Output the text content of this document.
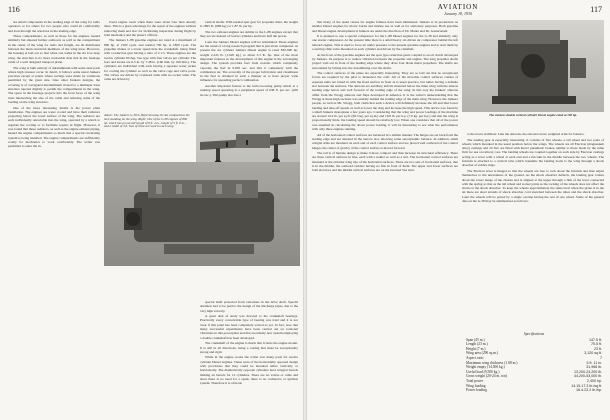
116

are small components in the leading edge of the wing for radio operators or for others for two people who could sit comfortably and look through the windows in the leading edge.

These compartments, as well as those for the engines, heated similarly but situated further outboard, as well as the compartment in the center of the wing for radio and freight, are all distributed between the main structural members of the wing truss. However, the housing is laid out so that when one walks in the six foot deep wing, the structure is no more noticeable than that in the fuselage cabin of a well designed transport plane.

The wing is built entirely of duraluminum with some steel parts where high stresses occur. In detail, it follows some usual Junkers practices except at points where savings were made by variations permitted by the great size. Like other Junkers designs, the covering is of corrugated duraluminum riveted to a multispar truss structure tapered slightly to permit the compartments in the wing. The space in the fuselage projects into the front faces of the wing truss intersecting the size of the cabin and reducing some of the loading on the wing structure.

One of the more interesting details is the power plant installation. The engines are water cooled and have their radiators projecting below the lower surface of the wing. The radiators are each individually retractable into the wing, operated by a winch to regulate the cooling or to facilitate repairs in flight. However, it was found that these radiators, as well as the engine exhaust piping, heated the engine compartments so much that a special circulating system is being installed. The engine compartments are sufficiently roomy for mechanics to work comfortably. The writer was permitted to enter the in-

board engine room when there were about four men already there. This is a great advantage for the repair of the engines without removing them and also for facilitating inspection during flight by both mechanics and the plane's officers.

The Junkers L-88 gasoline engines are rated at a maximum of 800 hp. at 1500 r.p.m. and normal 700 hp. at 1800 r.p.m. The propeller makes at a lower speed than the crankshaft, being fitted with a reduction gear having a ratio of 1:1.5. These engines are the twelve cylinder 60 deg. Vee type with four valves per cylinder. The bore and stroke are 6.3 in. by 7.48 in. (160 mm. by 190 mm.). The cylinders are individual with each having a separate water jacket for cooling the cylinder as well as the valve cage and valve ports. The valves are driven by overhead cams with no rocker arms. The cams are driven by

vertical shafts. With normal spur gear for propeller drive, the weight is 1895 lb. (680 kg.) or 1.87 lb. per hp.

The two exhaust engines are similar to the L-88 engines except that they are six instead of twelve cylinders and have half the power.

Later the Junkers Diesel engines will be substituted. These engines are the result of a long research program that is just about completed. At present the six cylinder Junkers Diesel engine is rated 830-900 hp. weight 2,245 lb. (1,020 kg.) or about 3.3 lb. hp. One of the most important features in the development of this engine is the scavenging design. The system provides fuel from nozzles which completely vaporize the fuel in 0.005 sec. and mix it completely with the combustion air. The economy of the proper lubrication and cleanliness in the fuel is obtained in such a manner as to have proper wide influence for spreading perfect combustion.

Another important feature is the turbo-boosting pump which at a running speed operating at a peripheral speed of 638 ft. per sec. (200 m./sec.). This pump also has a

Above: The Junkers G-38 in flight showing its size compared to the men standing on the wing. Right: One of the G-38 engines of 800 hp. which has an overall length of 8 ft. 4 in., height of 5 ft. 6 in., and a width of 3 ft. Two of these are used in each wing

special shaft protected from variations in the drive shaft. Special attention had to be paid to the design of the discharge pipes, due to the very high velocity.

A great deal of study was devoted to the crankshaft bearings. Practically every conceivable type of bearing was tried and it is not clear if this point has been completely solved as yet. In fact, now that many successful experiments have been carried out on torsional vibrations in this powerplant and that an entirely new system employing a double crankshaft has been developed.

The crankshaft of the engine is much that it turns the engine mount. It is still in all directions, being a casting that must be exceptionally strong and rigid.

While in the engine works the writer saw many parts for twelve cylinder Diesel engines. These were of the horizontally opposed design with provisions that they could be mounted either vertically or horizontally. The diametrically opposite cylinders have integral barrels making an barrels for 12 cylinders. There are no valves or cams and since there is no need for a spark, there is no carburetor or ignition system. Therefore it is obvious

AVIATION
January 18, 1930	117

that many of the usual causes for engine failures have been eliminated. Junkers is in production on smaller Diesel engines for motor trucks and marine use as well as for stationary purposes. Both gasoline and Diesel engine development at Junkers are under the direction of Dr. Mader and Dr. Gastersstadt.

It is planned to use a special compressor for the L-88 Diesel engines for the G-38 and similarly only one starter compressor. At the present time there is a small heavy oil-driven air compressor behind the left inboard engine. This is used to force air under pressure to the present gasoline engines and to start them by a starting slide valve mounted on each cylinder and driven by the camshaft.

At the front of the gasoline engines are the spur type reduction gears coupled to an oil clutch developed by Junkers. Its purpose is to reduce vibration between the propeller and engine. The long propeller shafts project well out in front of the leading edge where they drive four blade metal propellers. The shafts are surrounded by fairing into the streamlining over the shafts.

The control surfaces of the plane are especially interesting. They are so laid out that no exceptional forces are required by the pilot to maneuver the craft. All of the movable control surfaces consist of separate units not faired in with the fixed surface in front as is usual practice, but rather having a definite slot between the surfaces. The ailerons are auxiliary airfoils mounted below the main wing with the aileron leading edge below and well forward of the trailing edge of the wing. In this way the Junkers' ailerons differ from the Wragg ailerons and flaps developed in America. It is the writer's understanding that the Wragg at these high sections was entirely behind the trailing edge of the main wing. However, the Junkers people, as well as Mr. Wragg, both claim that such a device will definitely increase the lift and thus lower landing and take-off speeds as well as lower the drag and increase the high speed. This device was found in a small Junkers monoplane a few years ago. Considering that the wing and power loadings of the machine are around 14.2 lb. per sq.ft. (69.3 kg. per sq.m.) and 16.8 lb. per h.p. (7.6 kg. per h.p.) and that the wing is proportionally thick, the landing speed should be relatively low. When one considers that all of the power was assumed in calculating the above power loading, it will be interesting to see what the performance with only three engines running.

All of the horizontal control surfaces are balanced in a similar manner. The hinges are set back from the leading edge and are situated in the narrow slot, allowing some aerodynamic balance. In addition, small winglet arms are mounted on each end of each control surface and are placed well outboard of the control hinges, the center of gravity of the control surface is moved forward.

The tail is of biplane design to make it more compact and thus increase its structural efficiency. There are three vertical surfaces in line, each with a rudder as well as a slot. The horizontal control surfaces are mounted at the extreme wing tips of the horizontal surfaces. There are two sets of horizontal surfaces, that is in the middle, the outboard rudders having no fins in front of them. The upper and lower surfaces are both elevators and the middle vertical surfaces are on the inverted Vee strut.

The Junkers double vertical cylinder Diesel engine rated at 190 hp.

to the lower stabilizer. Like the ailerons, the elevators have weighted arms for balance.

The landing gear is especially interesting. It consists of five wheels, a tail wheel and two pairs of wheels which mounted in the usual position below the wings. The wheels are all Electron (magnesium alloy) castings and all five are fitted with Knorr pneumatic brakes, similar to those made by the same firm for use on railway cars. The landing wheels are coupled together on each side by Electron castings acting as a lever with a wheel at each end and a fulcrum in the middle between the two wheels. The fulcrum is attached to a vertical tube which transmits the landing loads to the wing through a shock absorber of rubber rings.

The Electron lever is hinged so that the wheels are free to rock about the fulcrum and thus adjust themselves to the unevenness of the ground. As the shock absorber deflects, the landing gear rotates about the lower hangs of the chassis and is aligned at the upper through a link of the lever connected with the spring so that as the tail wheel and socket joints as the rocking of the wheels does not affect the strain on the shock absorber. To keep the wheels approximately the same level when the plane is in the air there are short strands of shock absorber cord stretched between the tubes and the shock absorber. Later the wheels will be parted by a single overlap having the rest of one wheel. Some of the general data on the G-38 may be summarized as follows:

Specifications
Span (45 m.)	147.5 ft.
Length (23 m.)	75.5 ft.
Height (7 m.)	23 ft.
Wing area (290 sq.m.)	3,120 sq.ft.
Aspect ratio	7
Maximum wing thickness (1.68 m.)	5 ft. 11 in.
Weight empty (14,500 kg.)	31,966 lb.
Useful load (9,500 kg.)	13,200-24,200 lb.
Gross weight (20-24 m. ton)	44,200-53,000 lb.
Total power	2,400 hp.
Wing loading	14.15-17.3 lb./sq.ft.
Power loading	18.4-22.2 lb./hp.
